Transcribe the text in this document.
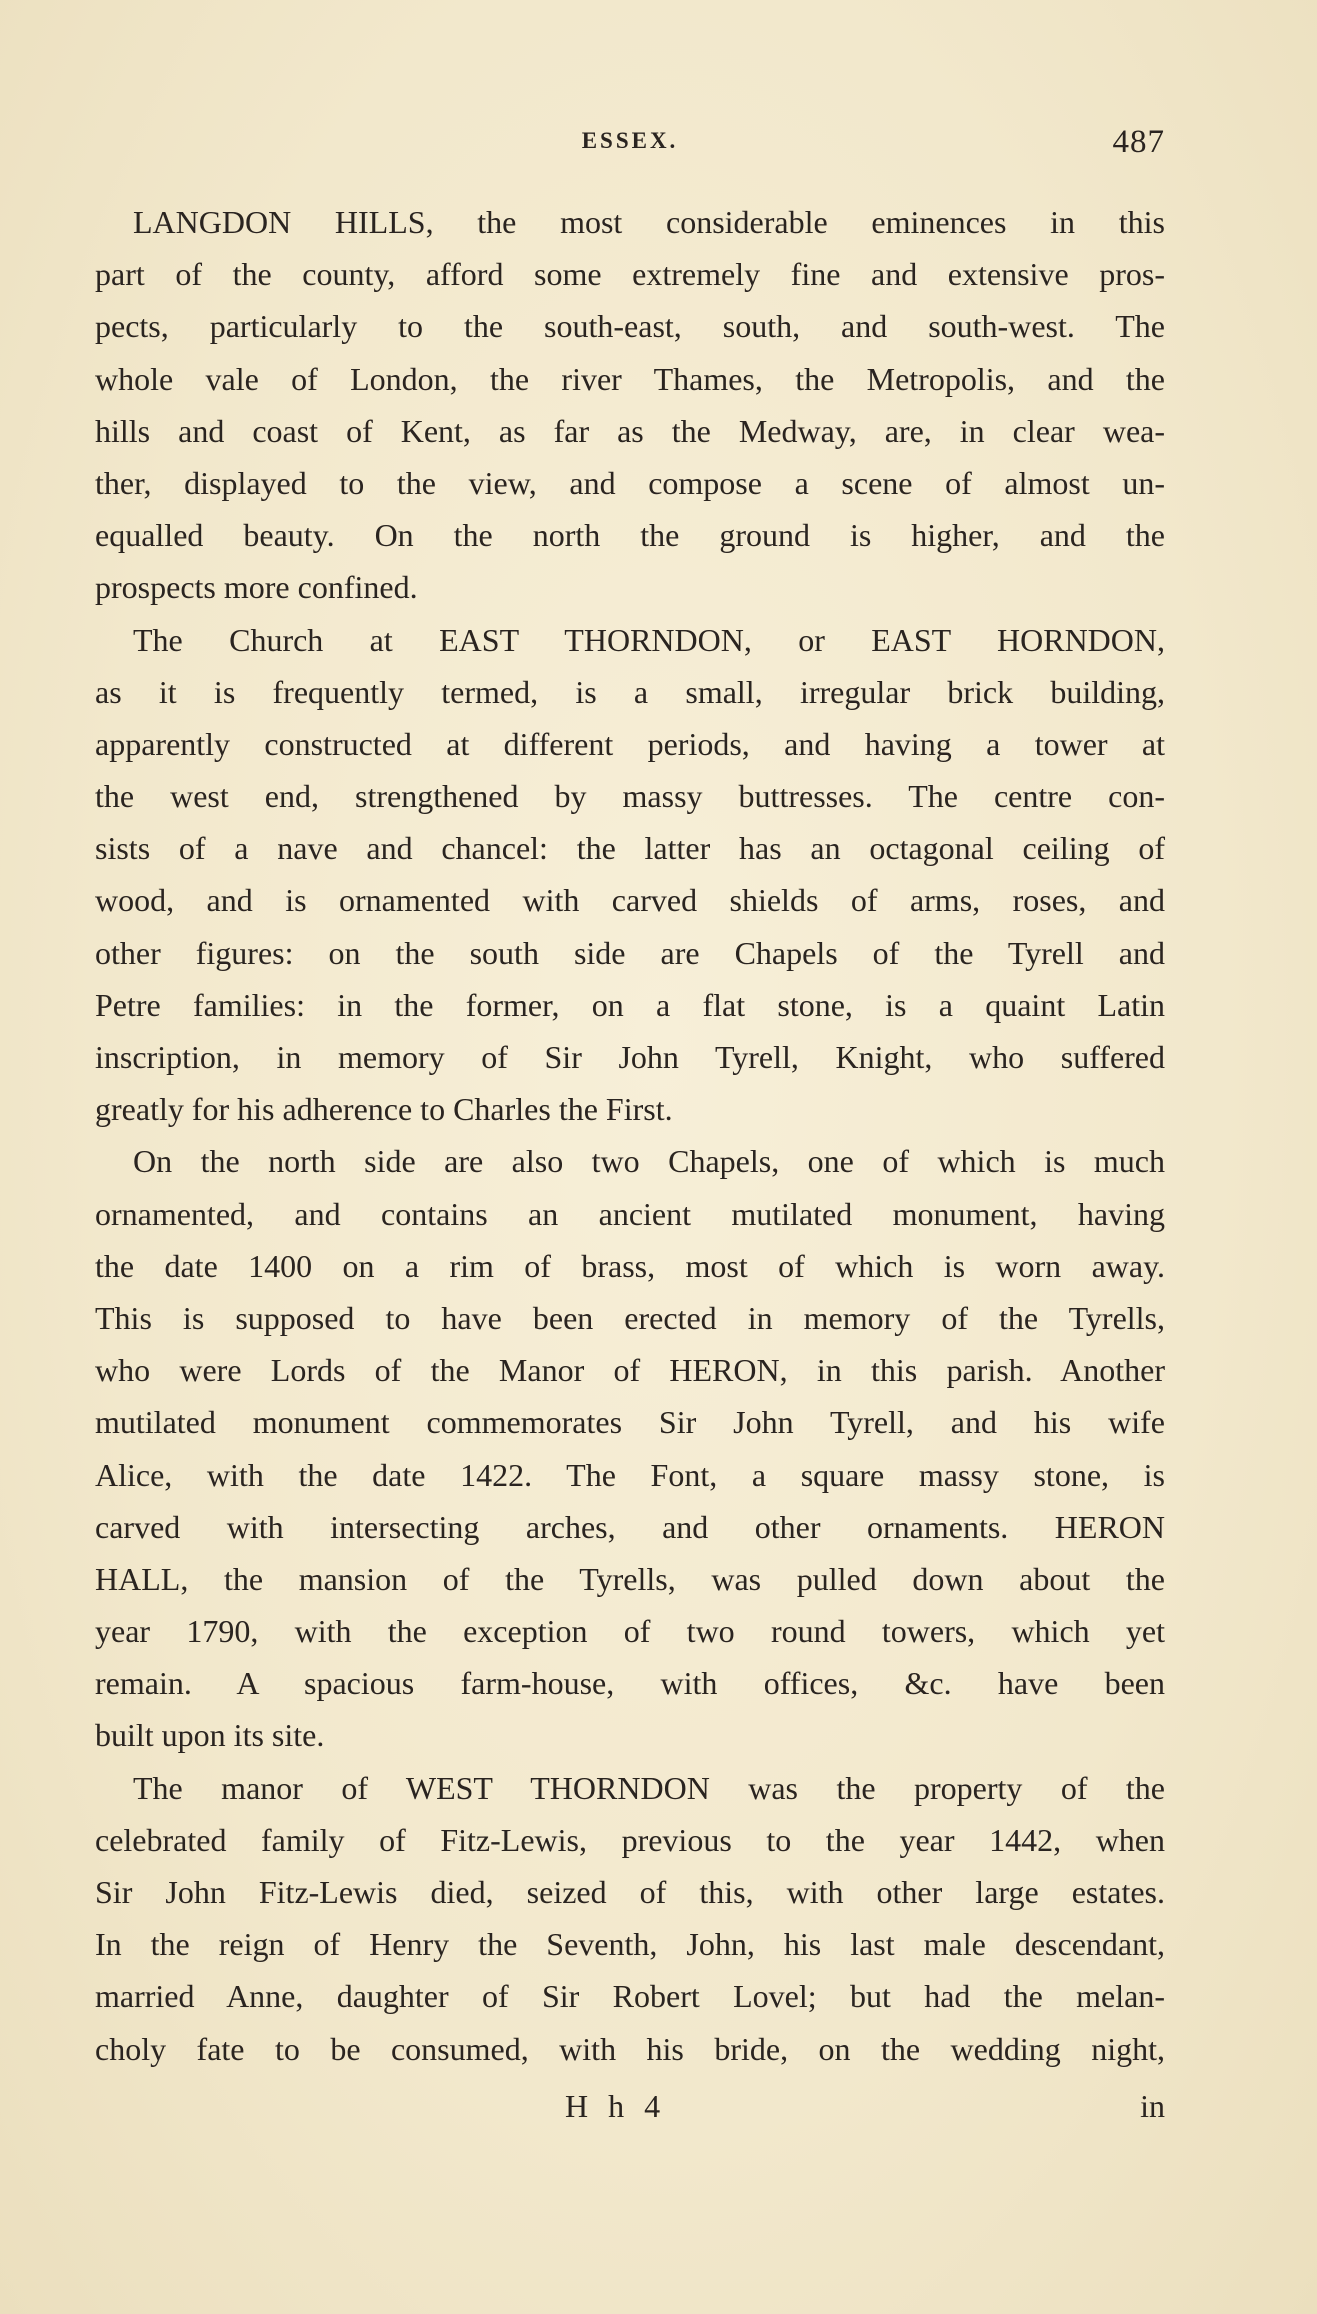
ESSEX.	487
LANGDON HILLS, the most considerable eminences in this
part of the county, afford some extremely fine and extensive pros-
pects, particularly to the south-east, south, and south-west. The
whole vale of London, the river Thames, the Metropolis, and the
hills and coast of Kent, as far as the Medway, are, in clear wea-
ther, displayed to the view, and compose a scene of almost un-
equalled beauty. On the north the ground is higher, and the
prospects more confined.
The Church at EAST THORNDON, or EAST HORNDON,
as it is frequently termed, is a small, irregular brick building,
apparently constructed at different periods, and having a tower at
the west end, strengthened by massy buttresses. The centre con-
sists of a nave and chancel: the latter has an octagonal ceiling of
wood, and is ornamented with carved shields of arms, roses, and
other figures: on the south side are Chapels of the Tyrell and
Petre families: in the former, on a flat stone, is a quaint Latin
inscription, in memory of Sir John Tyrell, Knight, who suffered
greatly for his adherence to Charles the First.
On the north side are also two Chapels, one of which is much
ornamented, and contains an ancient mutilated monument, having
the date 1400 on a rim of brass, most of which is worn away.
This is supposed to have been erected in memory of the Tyrells,
who were Lords of the Manor of HERON, in this parish. Another
mutilated monument commemorates Sir John Tyrell, and his wife
Alice, with the date 1422. The Font, a square massy stone, is
carved with intersecting arches, and other ornaments. HERON
HALL, the mansion of the Tyrells, was pulled down about the
year 1790, with the exception of two round towers, which yet
remain. A spacious farm-house, with offices, &c. have been
built upon its site.
The manor of WEST THORNDON was the property of the
celebrated family of Fitz-Lewis, previous to the year 1442, when
Sir John Fitz-Lewis died, seized of this, with other large estates.
In the reign of Henry the Seventh, John, his last male descendant,
married Anne, daughter of Sir Robert Lovel; but had the melan-
choly fate to be consumed, with his bride, on the wedding night,
H h 4	in
